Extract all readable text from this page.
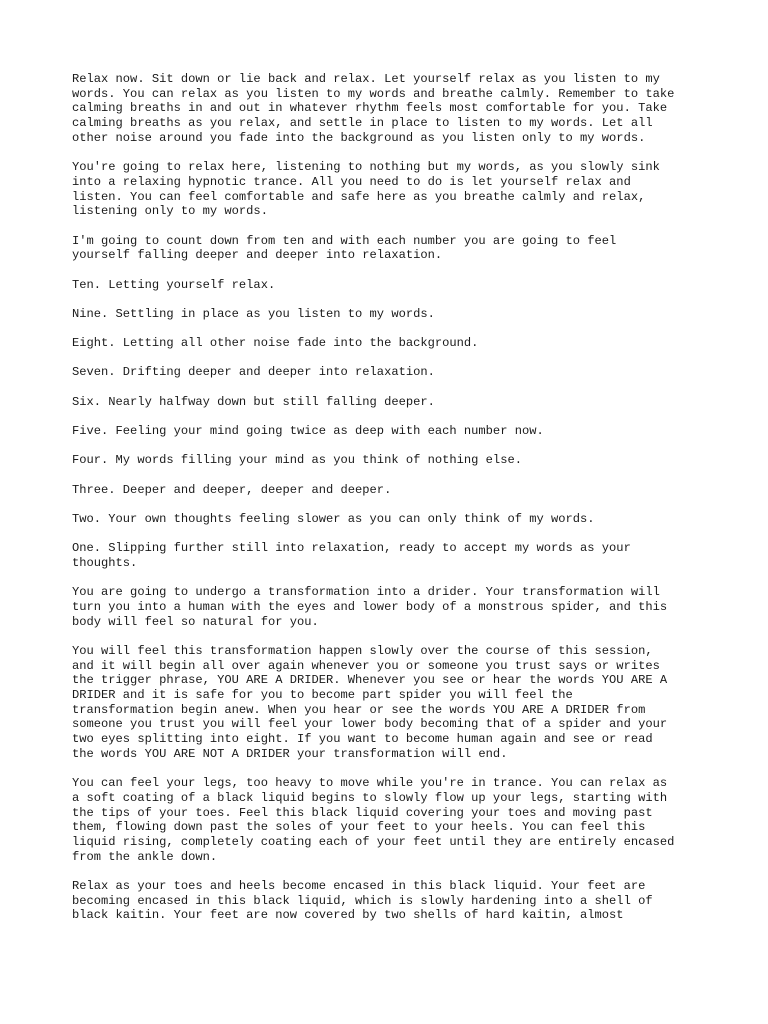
Relax now. Sit down or lie back and relax. Let yourself relax as you listen to my
words. You can relax as you listen to my words and breathe calmly. Remember to take
calming breaths in and out in whatever rhythm feels most comfortable for you. Take
calming breaths as you relax, and settle in place to listen to my words. Let all
other noise around you fade into the background as you listen only to my words.

You're going to relax here, listening to nothing but my words, as you slowly sink
into a relaxing hypnotic trance. All you need to do is let yourself relax and
listen. You can feel comfortable and safe here as you breathe calmly and relax,
listening only to my words.

I'm going to count down from ten and with each number you are going to feel
yourself falling deeper and deeper into relaxation.

Ten. Letting yourself relax.

Nine. Settling in place as you listen to my words.

Eight. Letting all other noise fade into the background.

Seven. Drifting deeper and deeper into relaxation.

Six. Nearly halfway down but still falling deeper.

Five. Feeling your mind going twice as deep with each number now.

Four. My words filling your mind as you think of nothing else.

Three. Deeper and deeper, deeper and deeper.

Two. Your own thoughts feeling slower as you can only think of my words.

One. Slipping further still into relaxation, ready to accept my words as your
thoughts.

You are going to undergo a transformation into a drider. Your transformation will
turn you into a human with the eyes and lower body of a monstrous spider, and this
body will feel so natural for you.

You will feel this transformation happen slowly over the course of this session,
and it will begin all over again whenever you or someone you trust says or writes
the trigger phrase, YOU ARE A DRIDER. Whenever you see or hear the words YOU ARE A
DRIDER and it is safe for you to become part spider you will feel the
transformation begin anew. When you hear or see the words YOU ARE A DRIDER from
someone you trust you will feel your lower body becoming that of a spider and your
two eyes splitting into eight. If you want to become human again and see or read
the words YOU ARE NOT A DRIDER your transformation will end.

You can feel your legs, too heavy to move while you're in trance. You can relax as
a soft coating of a black liquid begins to slowly flow up your legs, starting with
the tips of your toes. Feel this black liquid covering your toes and moving past
them, flowing down past the soles of your feet to your heels. You can feel this
liquid rising, completely coating each of your feet until they are entirely encased
from the ankle down.

Relax as your toes and heels become encased in this black liquid. Your feet are
becoming encased in this black liquid, which is slowly hardening into a shell of
black kaitin. Your feet are now covered by two shells of hard kaitin, almost
